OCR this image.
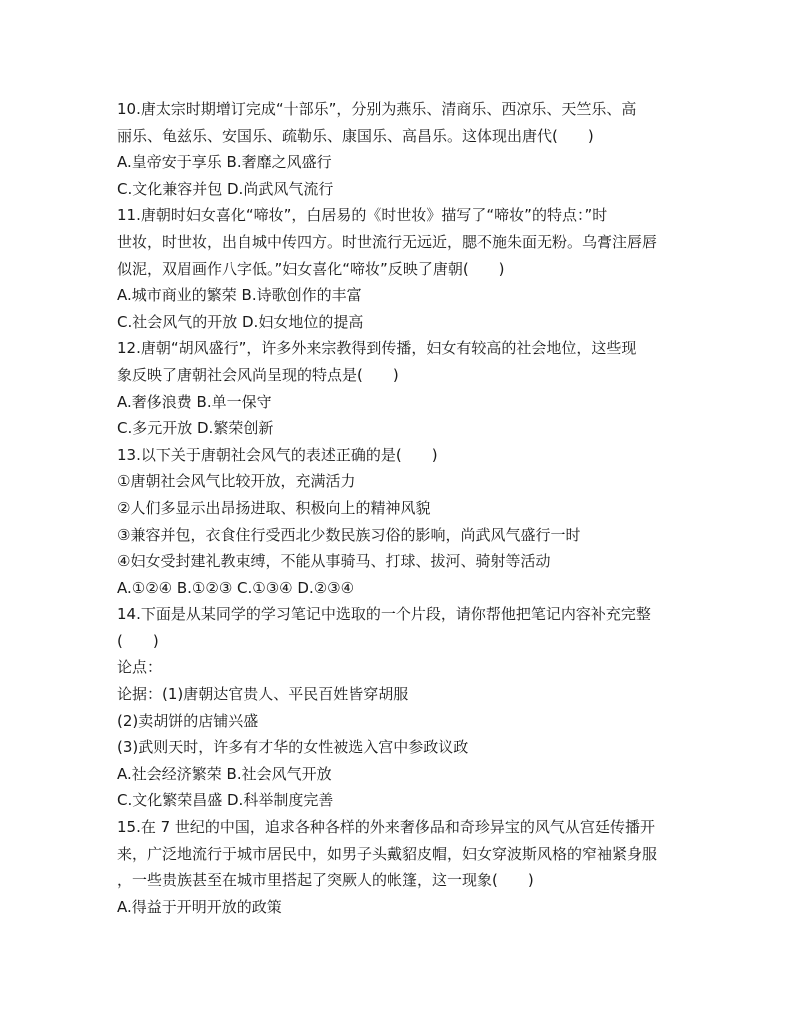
10.唐太宗时期增订完成“十部乐”，分别为燕乐、清商乐、西凉乐、天竺乐、高

丽乐、龟兹乐、安国乐、疏勒乐、康国乐、高昌乐。这体现出唐代(　　)

A.皇帝安于享乐 B.奢靡之风盛行

C.文化兼容并包 D.尚武风气流行

11.唐朝时妇女喜化“啼妆”，白居易的《时世妆》描写了“啼妆”的特点：”时

世妆，时世妆，出自城中传四方。时世流行无远近，腮不施朱面无粉。乌膏注唇唇

似泥，双眉画作八字低。”妇女喜化“啼妆”反映了唐朝(　　)

A.城市商业的繁荣 B.诗歌创作的丰富

C.社会风气的开放 D.妇女地位的提高

12.唐朝“胡风盛行”，许多外来宗教得到传播，妇女有较高的社会地位，这些现

象反映了唐朝社会风尚呈现的特点是(　　)

A.奢侈浪费 B.单一保守

C.多元开放 D.繁荣创新

13.以下关于唐朝社会风气的表述正确的是(　　)

①唐朝社会风气比较开放，充满活力

②人们多显示出昂扬进取、积极向上的精神风貌

③兼容并包，衣食住行受西北少数民族习俗的影响，尚武风气盛行一时

④妇女受封建礼教束缚，不能从事骑马、打球、拔河、骑射等活动

A.①②④ B.①②③ C.①③④ D.②③④

14.下面是从某同学的学习笔记中选取的一个片段，请你帮他把笔记内容补充完整

(　　)

论点：

论据：(1)唐朝达官贵人、平民百姓皆穿胡服

(2)卖胡饼的店铺兴盛

(3)武则天时，许多有才华的女性被选入宫中参政议政

A.社会经济繁荣 B.社会风气开放

C.文化繁荣昌盛 D.科举制度完善

15.在 7 世纪的中国，追求各种各样的外来奢侈品和奇珍异宝的风气从宫廷传播开

来，广泛地流行于城市居民中，如男子头戴貂皮帽，妇女穿波斯风格的窄袖紧身服

，一些贵族甚至在城市里搭起了突厥人的帐篷，这一现象(　　)

A.得益于开明开放的政策
